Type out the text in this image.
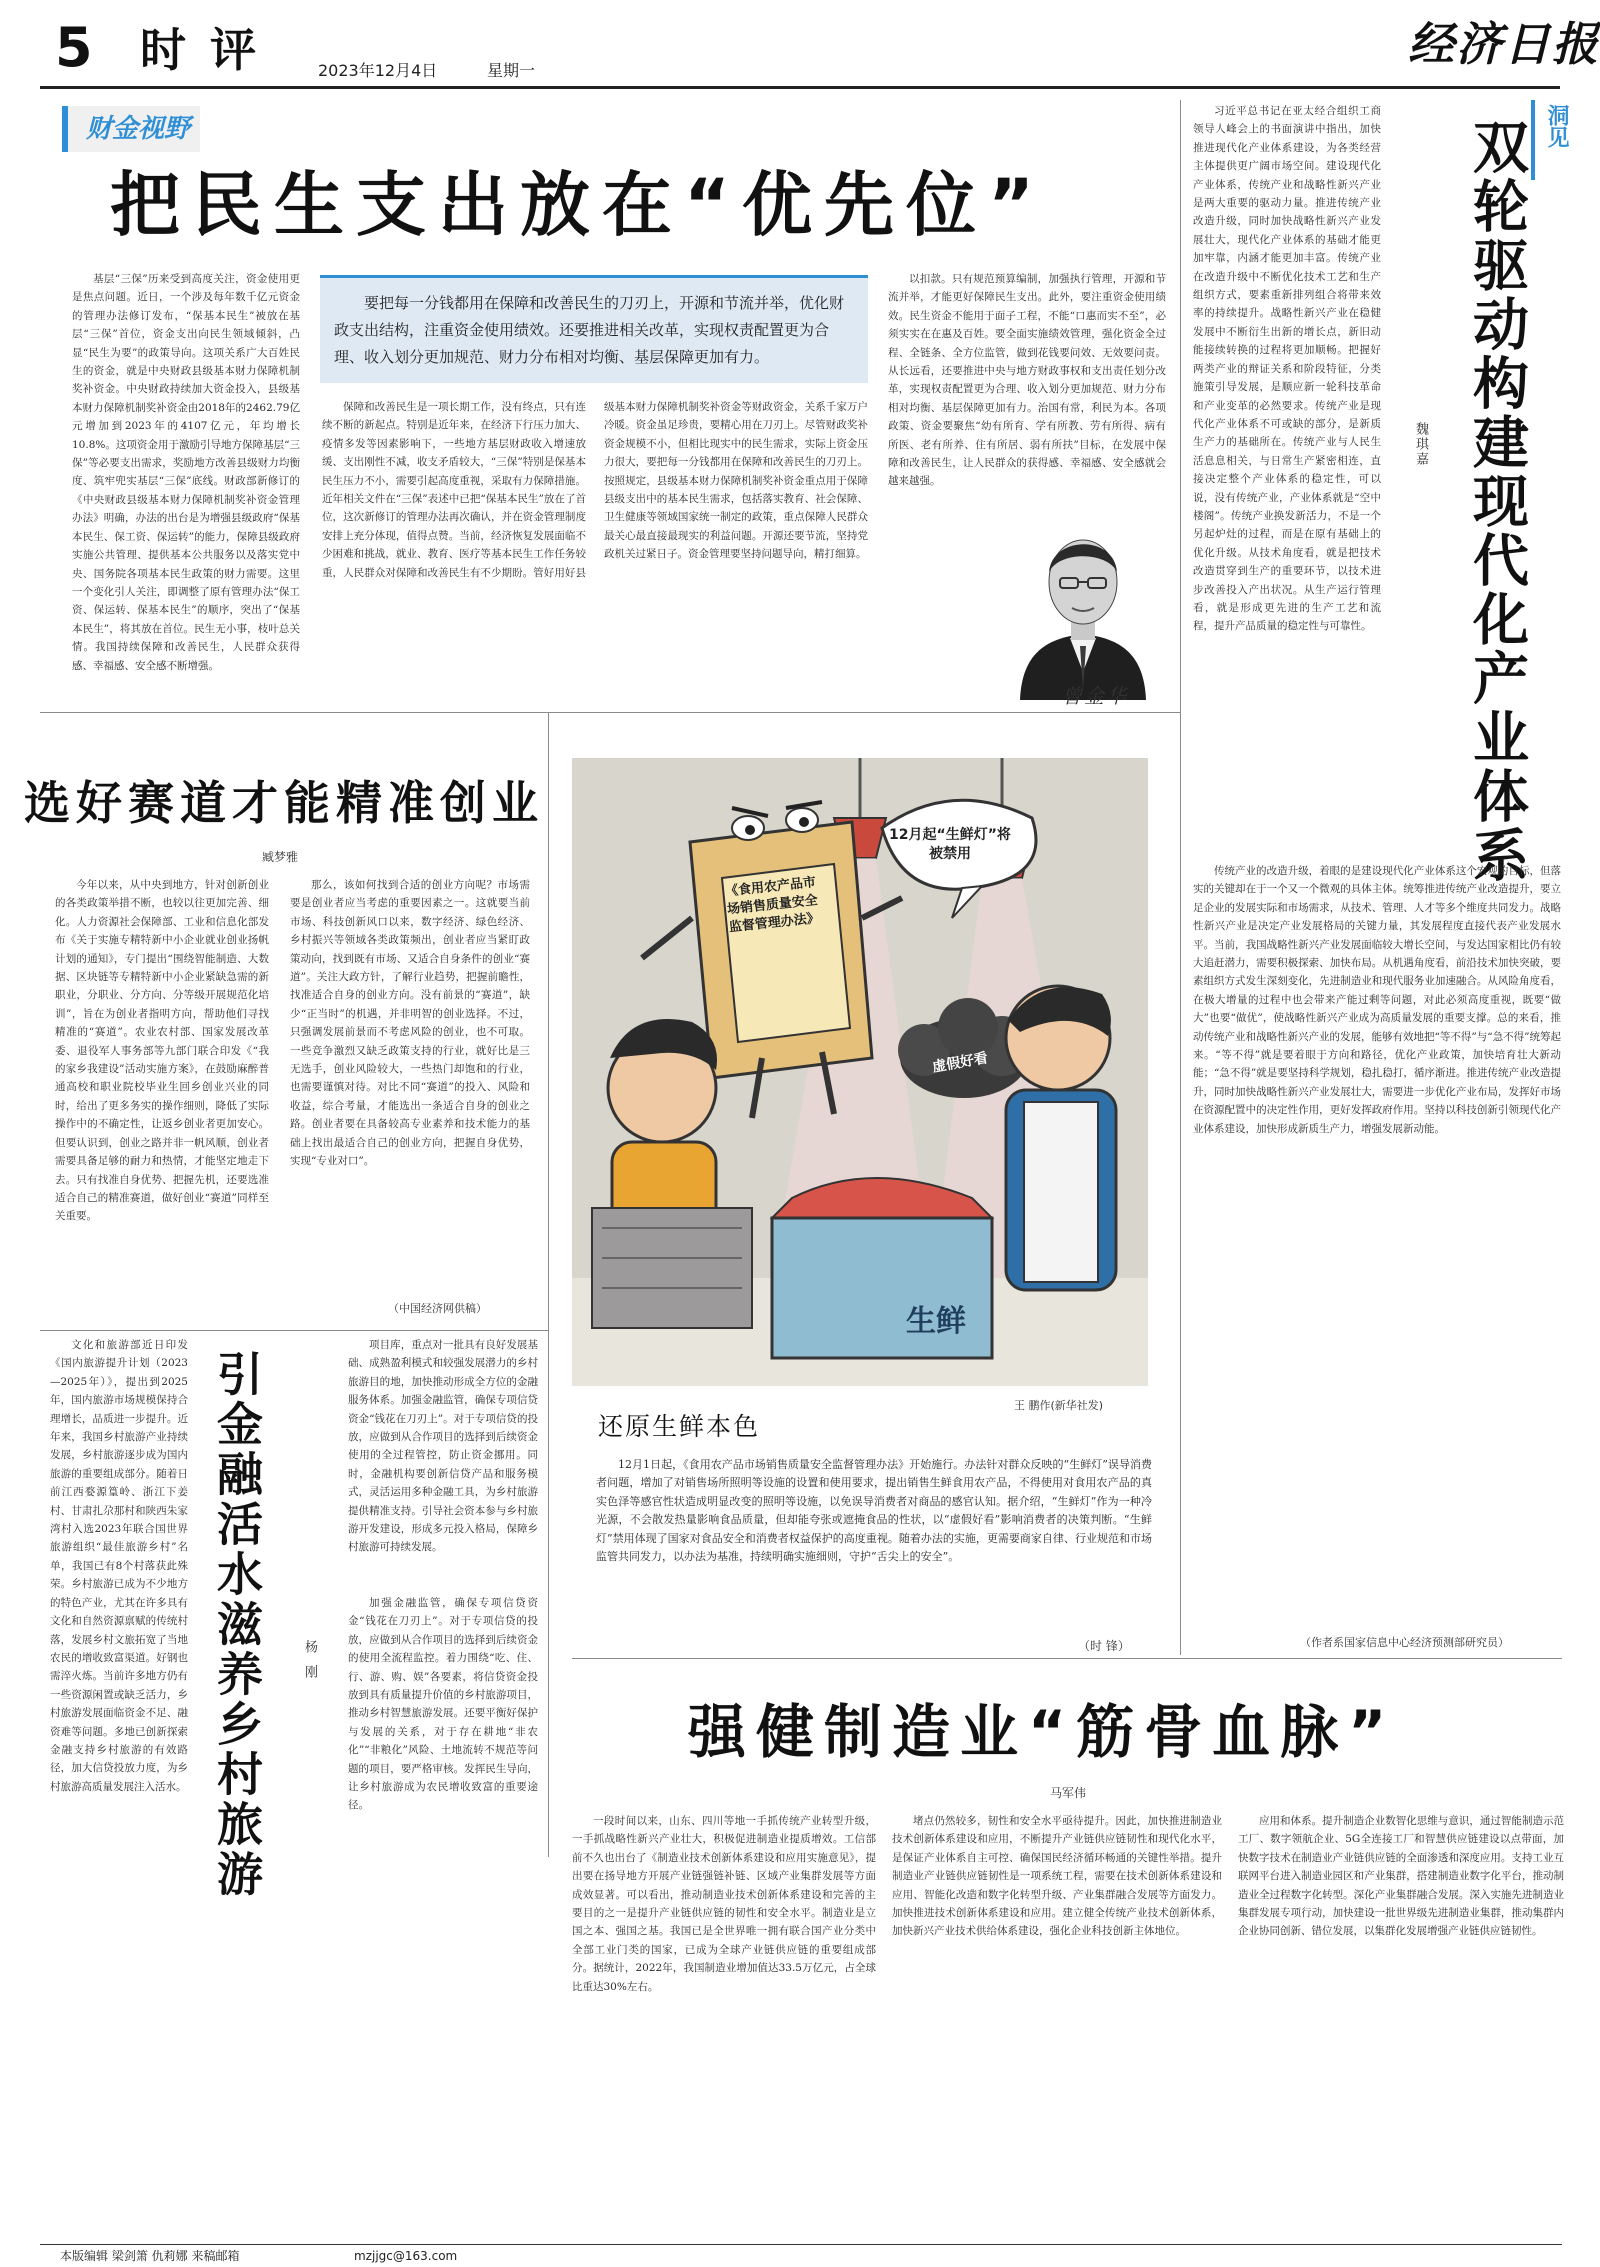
5 时 评	2023年12月4日	星期一	经济日报
财金视野
把民生支出放在“优先位”
要把每一分钱都用在保障和改善民生的刀刃上，开源和节流并举，优化财政支出结构，注重资金使用绩效。还要推进相关改革，实现权责配置更为合理、收入划分更加规范、财力分布相对均衡、基层保障更加有力。
基层“三保”历来受到高度关注，资金使用更是焦点问题。近日，一个涉及每年数千亿元资金的管理办法修订发布，“保基本民生”被放在基层“三保”首位，资金支出向民生领域倾斜，凸显“民生为要”的政策导向。这项关系广大百姓民生的资金，就是中央财政县级基本财力保障机制奖补资金。中央财政持续加大资金投入，县级基本财力保障机制奖补资金由2018年的2462.79亿元增加到2023年的4107亿元，年均增长10.8%。这项资金用于激励引导地方保障基层“三保”等必要支出需求，奖励地方改善县级财力均衡度、筑牢兜实基层“三保”底线。财政部新修订的《中央财政县级基本财力保障机制奖补资金管理办法》明确，办法的出台是为增强县级政府“保基本民生、保工资、保运转”的能力，保障县级政府实施公共管理、提供基本公共服务以及落实党中央、国务院各项基本民生政策的财力需要。这里一个变化引人关注，即调整了原有管理办法“保工资、保运转、保基本民生”的顺序，突出了“保基本民生”，将其放在首位。民生无小事，枝叶总关情。我国持续保障和改善民生，人民群众获得感、幸福感、安全感不断增强。
保障和改善民生是一项长期工作，没有终点，只有连续不断的新起点。特别是近年来，在经济下行压力加大、疫情多发等因素影响下，一些地方基层财政收入增速放缓、支出刚性不减，收支矛盾较大，“三保”特别是保基本民生压力不小，需要引起高度重视，采取有力保障措施。近年相关文件在“三保”表述中已把“保基本民生”放在了首位，这次新修订的管理办法再次确认，并在资金管理制度安排上充分体现，值得点赞。当前，经济恢复发展面临不少困难和挑战，就业、教育、医疗等基本民生工作任务较重，人民群众对保障和改善民生有不少期盼。管好用好县级基本财力保障机制奖补资金等财政资金，关系千家万户冷暖。资金虽足珍贵，要精心用在刀刃上。尽管财政奖补资金规模不小，但相比现实中的民生需求，实际上资金压力很大，要把每一分钱都用在保障和改善民生的刀刃上。按照规定，县级基本财力保障机制奖补资金重点用于保障县级支出中的基本民生需求，包括落实教育、社会保障、卫生健康等领域国家统一制定的政策，重点保障人民群众最关心最直接最现实的利益问题。开源还要节流，坚持党政机关过紧日子。资金管理要坚持问题导向，精打细算。
以扣款。只有规范预算编制，加强执行管理，开源和节流并举，才能更好保障民生支出。此外，要注重资金使用绩效。民生资金不能用于面子工程，不能“口惠而实不至”，必须实实在在惠及百姓。要全面实施绩效管理，强化资金全过程、全链条、全方位监管，做到花钱要问效、无效要问责。从长远看，还要推进中央与地方财政事权和支出责任划分改革，实现权责配置更为合理、收入划分更加规范、财力分布相对均衡、基层保障更加有力。治国有常，利民为本。各项政策、资金要聚焦“幼有所育、学有所教、劳有所得、病有所医、老有所养、住有所居、弱有所扶”目标，在发展中保障和改善民生，让人民群众的获得感、幸福感、安全感就会越来越强。
曾金华
习近平总书记在亚太经合组织工商领导人峰会上的书面演讲中指出，加快推进现代化产业体系建设，为各类经营主体提供更广阔市场空间。建设现代化产业体系，传统产业和战略性新兴产业是两大重要的驱动力量。推进传统产业改造升级，同时加快战略性新兴产业发展壮大，现代化产业体系的基础才能更加牢靠，内涵才能更加丰富。传统产业在改造升级中不断优化技术工艺和生产组织方式，要素重新排列组合将带来效率的持续提升。战略性新兴产业在稳健发展中不断衍生出新的增长点，新旧动能接续转换的过程将更加顺畅。把握好两类产业的辩证关系和阶段特征，分类施策引导发展，是顺应新一轮科技革命和产业变革的必然要求。传统产业是现代化产业体系不可或缺的部分，是新质生产力的基础所在。传统产业与人民生活息息相关，与日常生产紧密相连，直接决定整个产业体系的稳定性，可以说，没有传统产业，产业体系就是“空中楼阁”。传统产业换发新活力，不是一个另起炉灶的过程，而是在原有基础上的优化升级。从技术角度看，就是把技术改造贯穿到生产的重要环节，以技术进步改善投入产出状况。从生产运行管理看，就是形成更先进的生产工艺和流程，提升产品质量的稳定性与可靠性。
洞见
双轮驱动构建现代化产业体系
魏琪嘉
传统产业的改造升级，着眼的是建设现代化产业体系这个宏观的目标，但落实的关键却在于一个又一个微观的具体主体。统筹推进传统产业改造提升，要立足企业的发展实际和市场需求，从技术、管理、人才等多个维度共同发力。战略性新兴产业是决定产业发展格局的关键力量，其发展程度直接代表产业发展水平。当前，我国战略性新兴产业发展面临较大增长空间，与发达国家相比仍有较大追赶潜力，需要积极探索、加快布局。从机遇角度看，前沿技术加快突破，要素组织方式发生深刻变化，先进制造业和现代服务业加速融合。从风险角度看，在极大增量的过程中也会带来产能过剩等问题，对此必须高度重视，既要“做大”也要“做优”，使战略性新兴产业成为高质量发展的重要支撑。总的来看，推动传统产业和战略性新兴产业的发展，能够有效地把“等不得”与“急不得”统筹起来。“等不得”就是要着眼于方向和路径，优化产业政策，加快培育壮大新动能；“急不得”就是要坚持科学规划，稳扎稳打，循序渐进。推进传统产业改造提升，同时加快战略性新兴产业发展壮大，需要进一步优化产业布局，发挥好市场在资源配置中的决定性作用，更好发挥政府作用。坚持以科技创新引领现代化产业体系建设，加快形成新质生产力，增强发展新动能。
（作者系国家信息中心经济预测部研究员）
选好赛道才能精准创业
臧梦雅
今年以来，从中央到地方，针对创新创业的各类政策举措不断，也较以往更加完善、细化。人力资源社会保障部、工业和信息化部发布《关于实施专精特新中小企业就业创业扬帆计划的通知》，专门提出“围绕智能制造、大数据、区块链等专精特新中小企业紧缺急需的新职业，分职业、分方向、分等级开展规范化培训”，旨在为创业者指明方向，帮助他们寻找精准的“赛道”。农业农村部、国家发展改革委、退役军人事务部等九部门联合印发《“我的家乡我建设”活动实施方案》，在鼓励麻醉普通高校和职业院校毕业生回乡创业兴业的同时，给出了更多务实的操作细则，降低了实际操作中的不确定性，让返乡创业者更加安心。但要认识到，创业之路并非一帆风顺，创业者需要具备足够的耐力和热情，才能坚定地走下去。只有找准自身优势、把握先机，还要选准适合自己的精准赛道，做好创业“赛道”同样至关重要。
那么，该如何找到合适的创业方向呢？市场需要是创业者应当考虑的重要因素之一。这就要当前市场、科技创新风口以来，数字经济、绿色经济、乡村振兴等领域各类政策频出，创业者应当紧盯政策动向，找到既有市场、又适合自身条件的创业“赛道”。关注大政方针，了解行业趋势，把握前瞻性，找准适合自身的创业方向。没有前景的“赛道”，缺少“正当时”的机遇，并非明智的创业选择。不过，只强调发展前景而不考虑风险的创业，也不可取。一些竞争激烈又缺乏政策支持的行业，就好比是三无选手，创业风险较大，一些热门却饱和的行业，也需要谨慎对待。对比不同“赛道”的投入、风险和收益，综合考量，才能选出一条适合自身的创业之路。创业者要在具备较高专业素养和技术能力的基础上找出最适合自己的创业方向，把握自身优势，实现“专业对口”。
（中国经济网供稿）
《食用农产品市场销售质量安全监督管理办法》
12月起“生鲜灯”将被禁用
虚假好看
生鲜
王 鹏作(新华社发)
还原生鲜本色
12月1日起，《食用农产品市场销售质量安全监督管理办法》开始施行。办法针对群众反映的“生鲜灯”误导消费者问题，增加了对销售场所照明等设施的设置和使用要求，提出销售生鲜食用农产品，不得使用对食用农产品的真实色泽等感官性状造成明显改变的照明等设施，以免误导消费者对商品的感官认知。据介绍，“生鲜灯”作为一种冷光源，不会散发热量影响食品质量，但却能夸张或遮掩食品的性状，以“虚假好看”影响消费者的决策判断。“生鲜灯”禁用体现了国家对食品安全和消费者权益保护的高度重视。随着办法的实施，更需要商家自律、行业规范和市场监管共同发力，以办法为基准，持续明确实施细则，守护“舌尖上的安全”。
（时 锋）
文化和旅游部近日印发《国内旅游提升计划（2023—2025年）》，提出到2025年，国内旅游市场规模保持合理增长，品质进一步提升。近年来，我国乡村旅游产业持续发展，乡村旅游逐步成为国内旅游的重要组成部分。随着日前江西婺源篁岭、浙江下姜村、甘肃扎尕那村和陕西朱家湾村入选2023年联合国世界旅游组织“最佳旅游乡村”名单，我国已有8个村落获此殊荣。乡村旅游已成为不少地方的特色产业，尤其在许多具有文化和自然资源禀赋的传统村落，发展乡村文旅拓宽了当地农民的增收致富渠道。好钢也需淬火炼。当前许多地方仍有一些资源闲置或缺乏活力，乡村旅游发展面临资金不足、融资难等问题。多地已创新探索金融支持乡村旅游的有效路径，加大信贷投放力度，为乡村旅游高质量发展注入活水。 引金融活水滋养乡村旅游	杨 刚
项目库，重点对一批具有良好发展基础、成熟盈利模式和较强发展潜力的乡村旅游目的地，加快推动形成全方位的金融服务体系。加强金融监管，确保专项信贷资金“钱花在刀刃上”。对于专项信贷的投放，应做到从合作项目的选择到后续资金使用的全过程管控，防止资金挪用。同时，金融机构要创新信贷产品和服务模式，灵活运用多种金融工具，为乡村旅游提供精准支持。引导社会资本参与乡村旅游开发建设，形成多元投入格局，保障乡村旅游可持续发展。
加强金融监管，确保专项信贷资金“钱花在刀刃上”。对于专项信贷的投放，应做到从合作项目的选择到后续资金的使用全流程监控。着力围绕“吃、住、行、游、购、娱”各要素，将信贷资金投放到具有质量提升价值的乡村旅游项目，推动乡村智慧旅游发展。还要平衡好保护与发展的关系，对于存在耕地“非农化”“非粮化”风险、土地流转不规范等问题的项目，要严格审核。发挥民生导向，让乡村旅游成为农民增收致富的重要途径。
强健制造业“筋骨血脉”
马军伟
一段时间以来，山东、四川等地一手抓传统产业转型升级，一手抓战略性新兴产业壮大，积极促进制造业提质增效。工信部前不久也出台了《制造业技术创新体系建设和应用实施意见》，提出要在扬导地方开展产业链强链补链、区域产业集群发展等方面成效显著。可以看出，推动制造业技术创新体系建设和完善的主要目的之一是提升产业链供应链的韧性和安全水平。制造业是立国之本、强国之基。我国已是全世界唯一拥有联合国产业分类中全部工业门类的国家，已成为全球产业链供应链的重要组成部分。据统计，2022年，我国制造业增加值达33.5万亿元，占全球比重达30%左右。
堵点仍然较多，韧性和安全水平亟待提升。因此，加快推进制造业技术创新体系建设和应用，不断提升产业链供应链韧性和现代化水平，是保证产业体系自主可控、确保国民经济循环畅通的关键性举措。提升制造业产业链供应链韧性是一项系统工程，需要在技术创新体系建设和应用、智能化改造和数字化转型升级、产业集群融合发展等方面发力。加快推进技术创新体系建设和应用。建立健全传统产业技术创新体系，加快新兴产业技术供给体系建设，强化企业科技创新主体地位。
应用和体系。提升制造企业数智化思维与意识，通过智能制造示范工厂、数字领航企业、5G全连接工厂和智慧供应链建设以点带面，加快数字技术在制造业产业链供应链的全面渗透和深度应用。支持工业互联网平台进入制造业园区和产业集群，搭建制造业数字化平台，推动制造业全过程数字化转型。深化产业集群融合发展。深入实施先进制造业集群发展专项行动，加快建设一批世界级先进制造业集群，推动集群内企业协同创新、错位发展，以集群化发展增强产业链供应链韧性。
本版编辑 梁剑箫 仇莉娜 来稿邮箱	mzjjgc@163.com
